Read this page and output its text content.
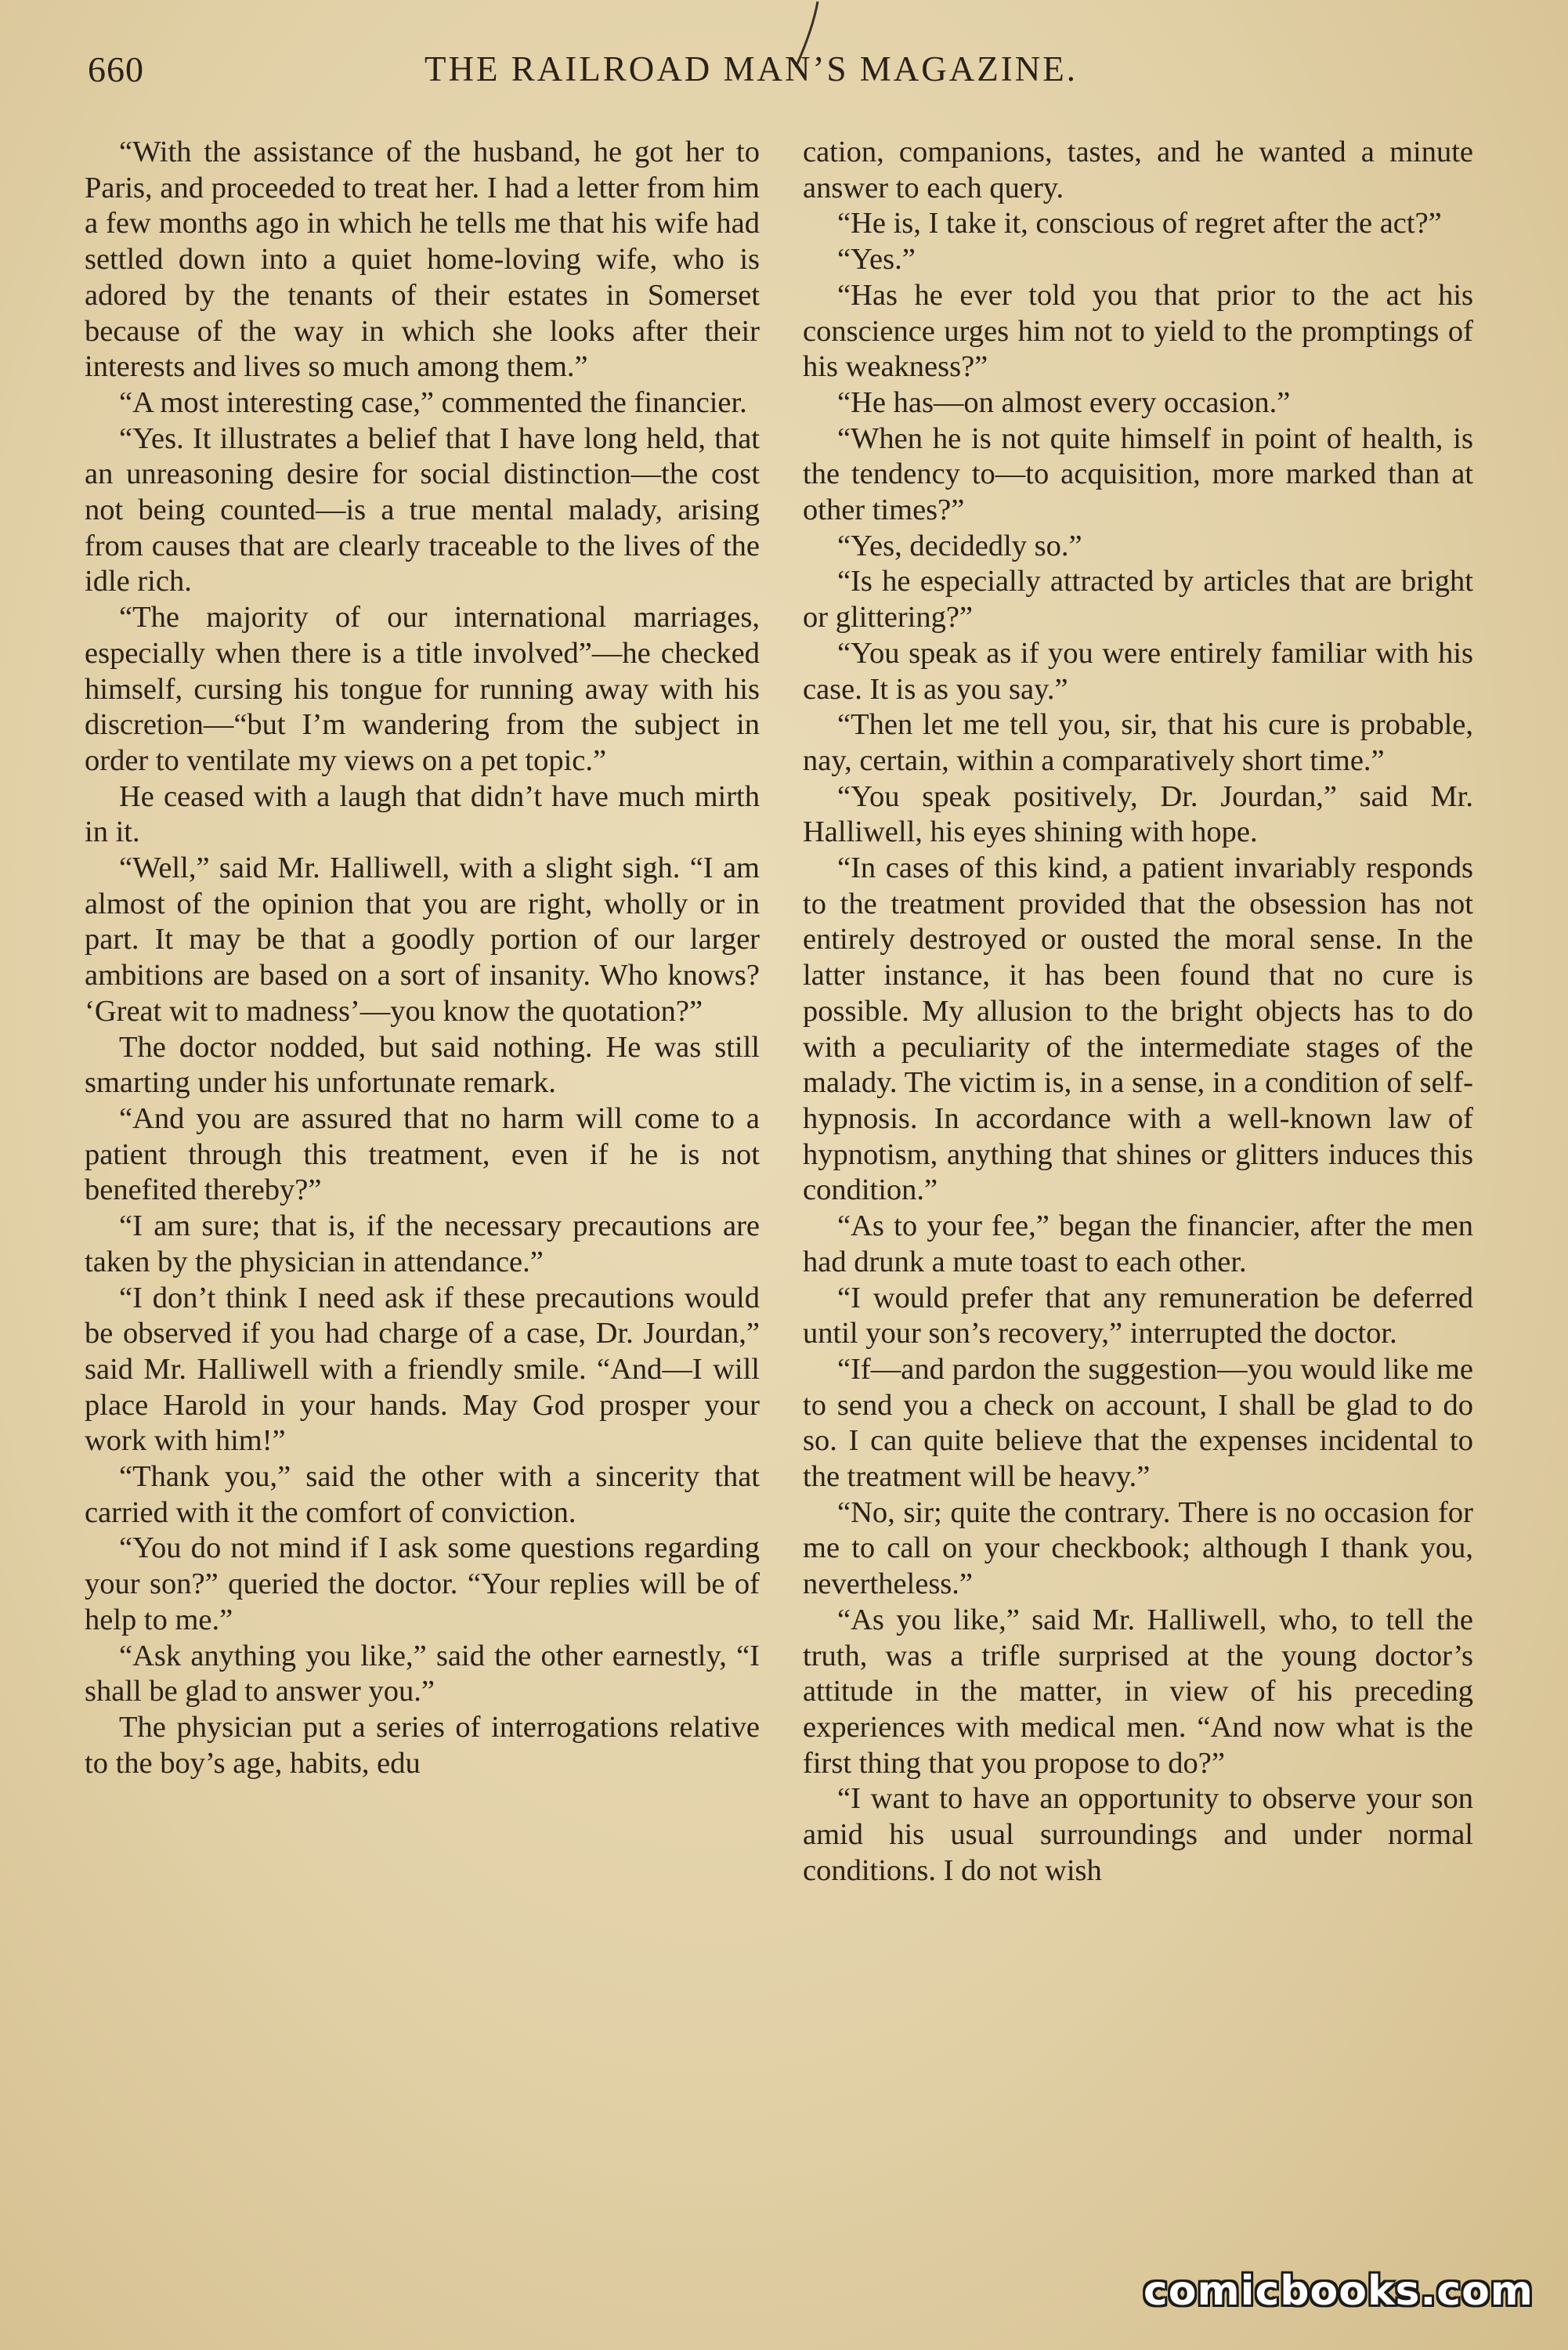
660	THE RAILROAD MAN’S MAGAZINE.

“With the assistance of the husband, he got her to Paris, and proceeded to treat her. I had a letter from him a few months ago in which he tells me that his wife had settled down into a quiet home-loving wife, who is adored by the tenants of their estates in Somerset because of the way in which she looks after their interests and lives so much among them.”

“A most interesting case,” commented the financier.

“Yes. It illustrates a belief that I have long held, that an unreasoning desire for social distinction—the cost not being counted—is a true mental malady, arising from causes that are clearly traceable to the lives of the idle rich.

“The majority of our international marriages, especially when there is a title involved”—he checked himself, cursing his tongue for running away with his discretion—“but I’m wandering from the subject in order to ventilate my views on a pet topic.”

He ceased with a laugh that didn’t have much mirth in it.

“Well,” said Mr. Halliwell, with a slight sigh. “I am almost of the opinion that you are right, wholly or in part. It may be that a goodly portion of our larger ambitions are based on a sort of insanity. Who knows? ‘Great wit to madness’—you know the quotation?”

The doctor nodded, but said nothing. He was still smarting under his unfortunate remark.

“And you are assured that no harm will come to a patient through this treatment, even if he is not benefited thereby?”

“I am sure; that is, if the necessary precautions are taken by the physician in attendance.”

“I don’t think I need ask if these precautions would be observed if you had charge of a case, Dr. Jourdan,” said Mr. Halliwell with a friendly smile. “And—I will place Harold in your hands. May God prosper your work with him!”

“Thank you,” said the other with a sincerity that carried with it the comfort of conviction.

“You do not mind if I ask some questions regarding your son?” queried the doctor. “Your replies will be of help to me.”

“Ask anything you like,” said the other earnestly, “I shall be glad to answer you.”

The physician put a series of interrogations relative to the boy’s age, habits, edu

cation, companions, tastes, and he wanted a minute answer to each query.

“He is, I take it, conscious of regret after the act?”

“Yes.”

“Has he ever told you that prior to the act his conscience urges him not to yield to the promptings of his weakness?”

“He has—on almost every occasion.”

“When he is not quite himself in point of health, is the tendency to—to acquisition, more marked than at other times?”

“Yes, decidedly so.”

“Is he especially attracted by articles that are bright or glittering?”

“You speak as if you were entirely familiar with his case. It is as you say.”

“Then let me tell you, sir, that his cure is probable, nay, certain, within a comparatively short time.”

“You speak positively, Dr. Jourdan,” said Mr. Halliwell, his eyes shining with hope.

“In cases of this kind, a patient invariably responds to the treatment provided that the obsession has not entirely destroyed or ousted the moral sense. In the latter instance, it has been found that no cure is possible. My allusion to the bright objects has to do with a peculiarity of the intermediate stages of the malady. The victim is, in a sense, in a condition of self-hypnosis. In accordance with a well-known law of hypnotism, anything that shines or glitters induces this condition.”

“As to your fee,” began the financier, after the men had drunk a mute toast to each other.

“I would prefer that any remuneration be deferred until your son’s recovery,” interrupted the doctor.

“If—and pardon the suggestion—you would like me to send you a check on account, I shall be glad to do so. I can quite believe that the expenses incidental to the treatment will be heavy.”

“No, sir; quite the contrary. There is no occasion for me to call on your checkbook; although I thank you, nevertheless.”

“As you like,” said Mr. Halliwell, who, to tell the truth, was a trifle surprised at the young doctor’s attitude in the matter, in view of his preceding experiences with medical men. “And now what is the first thing that you propose to do?”

“I want to have an opportunity to observe your son amid his usual surroundings and under normal conditions. I do not wish

comicbooks.com
